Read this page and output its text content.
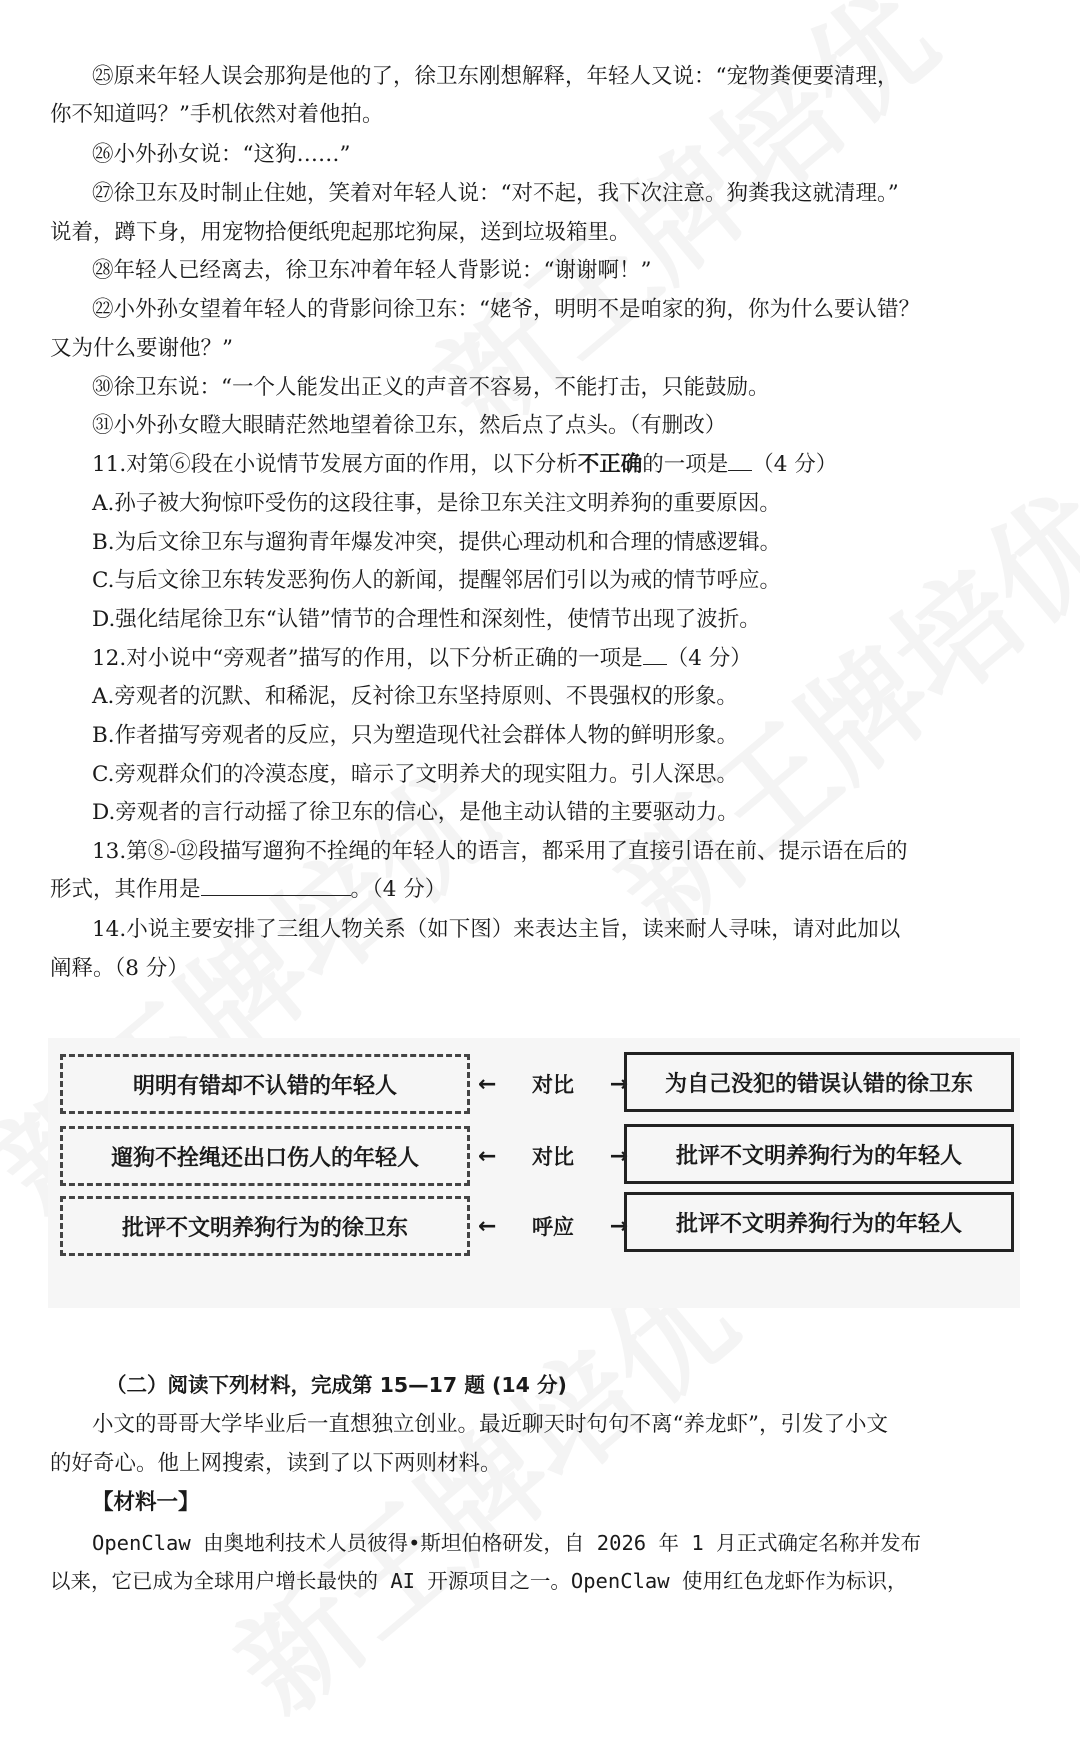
㉕原来年轻人误会那狗是他的了，徐卫东刚想解释，年轻人又说：“宠物粪便要清理，
你不知道吗？”手机依然对着他拍。
㉖小外孙女说：“这狗……”
㉗徐卫东及时制止住她，笑着对年轻人说：“对不起，我下次注意。狗粪我这就清理。”
说着，蹲下身，用宠物拾便纸兜起那坨狗屎，送到垃圾箱里。
㉘年轻人已经离去，徐卫东冲着年轻人背影说：“谢谢啊！”
㉒小外孙女望着年轻人的背影问徐卫东：“姥爷，明明不是咱家的狗，你为什么要认错？
又为什么要谢他？”
㉚徐卫东说：“一个人能发出正义的声音不容易，不能打击，只能鼓励。
㉛小外孙女瞪大眼睛茫然地望着徐卫东，然后点了点头。（有删改）
11.对第⑥段在小说情节发展方面的作用，以下分析不正确的一项是 （4 分）
A.孙子被大狗惊吓受伤的这段往事，是徐卫东关注文明养狗的重要原因。
B.为后文徐卫东与遛狗青年爆发冲突，提供心理动机和合理的情感逻辑。
C.与后文徐卫东转发恶狗伤人的新闻，提醒邻居们引以为戒的情节呼应。
D.强化结尾徐卫东“认错”情节的合理性和深刻性，使情节出现了波折。
12.对小说中“旁观者”描写的作用，以下分析正确的一项是 （4 分）
A.旁观者的沉默、和稀泥，反衬徐卫东坚持原则、不畏强权的形象。
B.作者描写旁观者的反应，只为塑造现代社会群体人物的鲜明形象。
C.旁观群众们的冷漠态度，暗示了文明养犬的现实阻力。引人深思。
D.旁观者的言行动摇了徐卫东的信心，是他主动认错的主要驱动力。
13.第⑧-⑫段描写遛狗不拴绳的年轻人的语言，都采用了直接引语在前、提示语在后的
形式，其作用是	。（4 分）
14.小说主要安排了三组人物关系（如下图）来表达主旨，读来耐人寻味，请对此加以
阐释。（8 分）
明明有错却不认错的年轻人	← 对比 → 为自己没犯的错误认错的徐卫东
遛狗不拴绳还出口伤人的年轻人	← 对比 → 批评不文明养狗行为的年轻人
批评不文明养狗行为的徐卫东	← 呼应 → 批评不文明养狗行为的年轻人
（二）阅读下列材料，完成第 15—17 题 (14 分)
小文的哥哥大学毕业后一直想独立创业。最近聊天时句句不离“养龙虾”，引发了小文
的好奇心。他上网搜索，读到了以下两则材料。
【材料一】
OpenClaw 由奥地利技术人员彼得•斯坦伯格研发，自 2026 年 1 月正式确定名称并发布
以来，它已成为全球用户增长最快的 AI 开源项目之一。OpenClaw 使用红色龙虾作为标识，
